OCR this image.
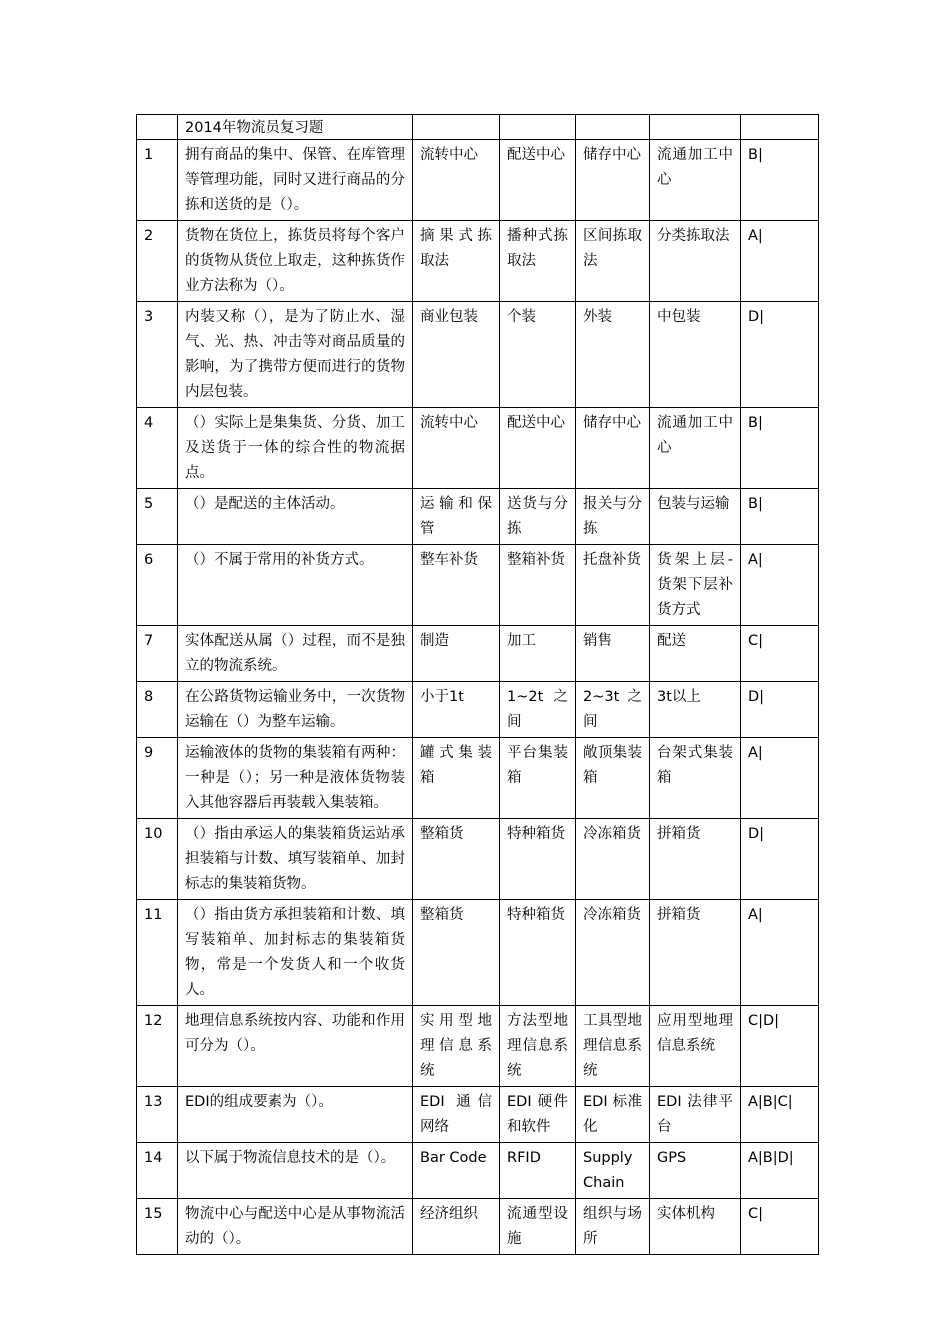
	2014年物流员复习题					
1	拥有商品的集中、保管、在库管理等管理功能，同时又进行商品的分拣和送货的是（）。	流转中心	配送中心	储存中心	流通加工中心	B|
2	货物在货位上，拣货员将每个客户的货物从货位上取走，这种拣货作业方法称为（）。	摘果式拣取法	播种式拣取法	区间拣取法	分类拣取法	A|
3	内装又称（），是为了防止水、湿气、光、热、冲击等对商品质量的影响，为了携带方便而进行的货物内层包装。	商业包装	个装	外装	中包装	D|
4	（）实际上是集集货、分货、加工及送货于一体的综合性的物流据点。	流转中心	配送中心	储存中心	流通加工中心	B|
5	（）是配送的主体活动。	运输和保管	送货与分拣	报关与分拣	包装与运输	B|
6	（）不属于常用的补货方式。	整车补货	整箱补货	托盘补货	货架上层-货架下层补货方式	A|
7	实体配送从属（）过程，而不是独立的物流系统。	制造	加工	销售	配送	C|
8	在公路货物运输业务中，一次货物运输在（）为整车运输。	小于1t	1~2t 之间	2~3t 之间	3t以上	D|
9	运输液体的货物的集装箱有两种：一种是（）；另一种是液体货物装入其他容器后再装载入集装箱。	罐式集装箱	平台集装箱	敞顶集装箱	台架式集装箱	A|
10	（）指由承运人的集装箱货运站承担装箱与计数、填写装箱单、加封标志的集装箱货物。	整箱货	特种箱货	冷冻箱货	拼箱货	D|
11	（）指由货方承担装箱和计数、填写装箱单、加封标志的集装箱货物，常是一个发货人和一个收货人。	整箱货	特种箱货	冷冻箱货	拼箱货	A|
12	地理信息系统按内容、功能和作用可分为（）。	实用型地理信息系统	方法型地理信息系统	工具型地理信息系统	应用型地理信息系统	C|D|
13	EDI的组成要素为（）。	EDI 通信网络	EDI 硬件和软件	EDI 标准化	EDI 法律平台	A|B|C|
14	以下属于物流信息技术的是（）。	Bar Code	RFID	Supply Chain	GPS	A|B|D|
15	物流中心与配送中心是从事物流活动的（）。	经济组织	流通型设施	组织与场所	实体机构	C|
